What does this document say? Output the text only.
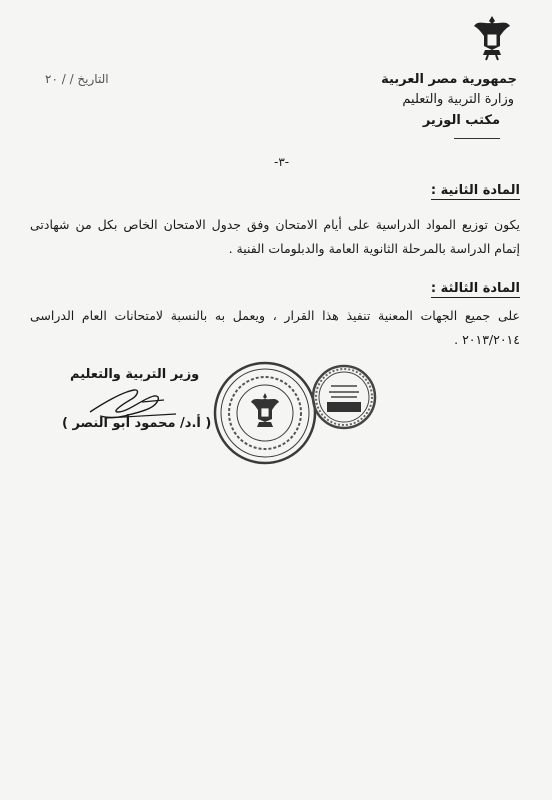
جمهورية مصر العربية
وزارة التربية والتعليم
مكتب الوزير
التاريخ / / ٢٠
-٣-
المادة الثانية :
يكون توزيع المواد الدراسية على أيام الامتحان وفق جدول الامتحان الخاص بكل من شهادتى إتمام الدراسة بالمرحلة الثانوية العامة والدبلومات الفنية .
المادة الثالثة :
على جميع الجهات المعنية تنفيذ هذا القرار ، ويعمل به بالنسبة لامتحانات العام الدراسى ٢٠١٣/٢٠١٤ .
وزير التربية والتعليم
( أ.د/ محمود أبو النصر )
